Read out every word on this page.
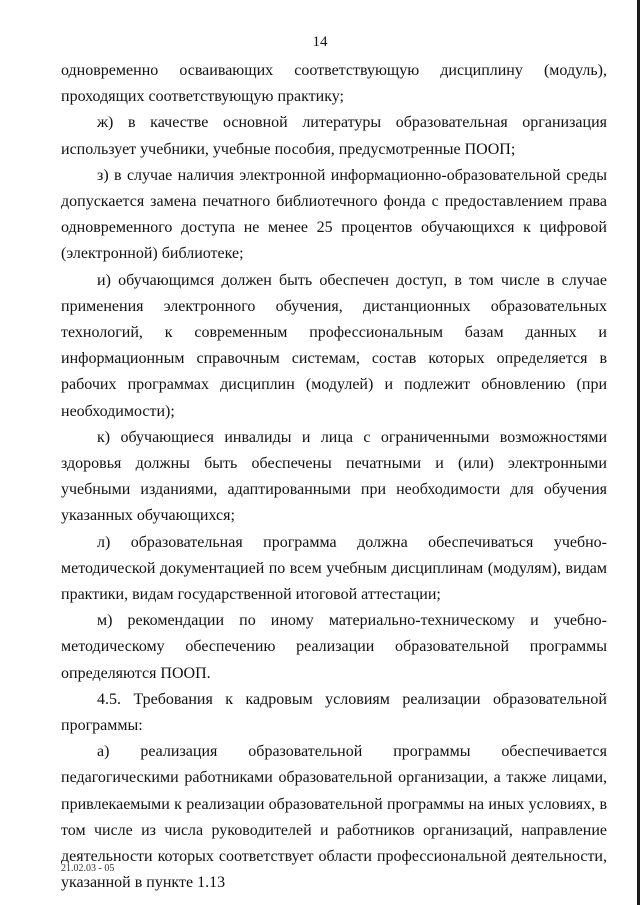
14

одновременно осваивающих соответствующую дисциплину (модуль), проходящих соответствующую практику;

ж) в качестве основной литературы образовательная организация использует учебники, учебные пособия, предусмотренные ПООП;

з) в случае наличия электронной информационно-образовательной среды допускается замена печатного библиотечного фонда с предоставлением права одновременного доступа не менее 25 процентов обучающихся к цифровой (электронной) библиотеке;

и) обучающимся должен быть обеспечен доступ, в том числе в случае применения электронного обучения, дистанционных образовательных технологий, к современным профессиональным базам данных и информационным справочным системам, состав которых определяется в рабочих программах дисциплин (модулей) и подлежит обновлению (при необходимости);

к) обучающиеся инвалиды и лица с ограниченными возможностями здоровья должны быть обеспечены печатными и (или) электронными учебными изданиями, адаптированными при необходимости для обучения указанных обучающихся;

л) образовательная программа должна обеспечиваться учебно-методической документацией по всем учебным дисциплинам (модулям), видам практики, видам государственной итоговой аттестации;

м) рекомендации по иному материально-техническому и учебно-методическому обеспечению реализации образовательной программы определяются ПООП.

4.5. Требования к кадровым условиям реализации образовательной программы:

а) реализация образовательной программы обеспечивается педагогическими работниками образовательной организации, а также лицами, привлекаемыми к реализации образовательной программы на иных условиях, в том числе из числа руководителей и работников организаций, направление деятельности которых соответствует области профессиональной деятельности, указанной в пункте 1.13

21.02.03 - 05
